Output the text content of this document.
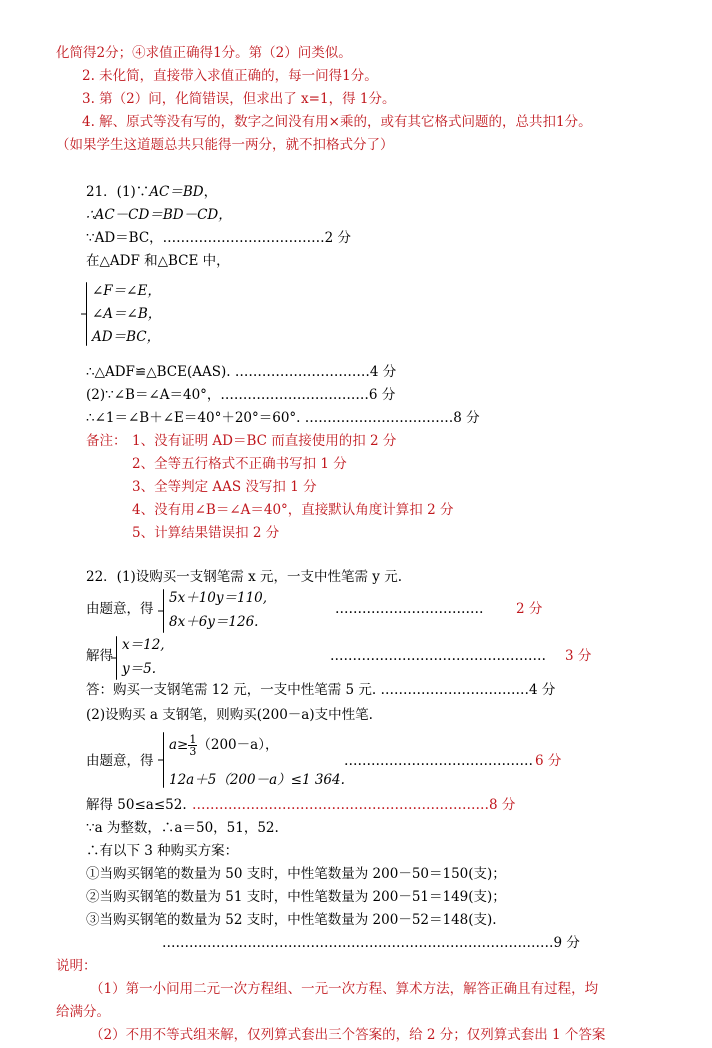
化简得2分；④求值正确得1分。第（2）问类似。
2. 未化简，直接带入求值正确的，每一问得1分。
3. 第（2）问，化简错误，但求出了 x=1，得 1分。
4. 解、原式等没有写的，数字之间没有用×乘的，或有其它格式问题的，总共扣1分。
（如果学生这道题总共只能得一两分，就不扣格式分了）
21．(1)∵AC＝BD，
∴AC－CD＝BD－CD，
∵AD＝BC，………………………………2 分
在△ADF 和△BCE 中，
∠F＝∠E，
∠A＝∠B，
AD＝BC，
∴△ADF≌△BCE(AAS). …………………………4 分
(2)∵∠B＝∠A＝40°，……………………………6 分
∴∠1＝∠B＋∠E＝40°＋20°＝60°. ……………………………8 分
备注： 1、没有证明 AD＝BC 而直接使用的扣 2 分
2、全等五行格式不正确书写扣 1 分
3、全等判定 AAS 没写扣 1 分
4、没有用∠B＝∠A＝40°，直接默认角度计算扣 2 分
5、计算结果错误扣 2 分
22．(1)设购买一支钢笔需 x 元，一支中性笔需 y 元.
由题意，得
5x＋10y＝110,
8x＋6y＝126.
…………………………… 2 分
解得
x＝12,
y＝5.
………………………………………… 3 分
答：购买一支钢笔需 12 元，一支中性笔需 5 元. ……………………………4 分
(2)设购买 a 支钢笔，则购买(200－a)支中性笔.
由题意，得
$a\ge \frac{1}{3} (200-a)$，
12a＋5（200－a）≤1 364.
…………………………………… 6 分
解得 50≤a≤52. …………………………………………………………8 分
∵a 为整数，∴a＝50，51，52.
∴有以下 3 种购买方案：
①当购买钢笔的数量为 50 支时，中性笔数量为 200－50＝150(支)；
②当购买钢笔的数量为 51 支时，中性笔数量为 200－51＝149(支)；
③当购买钢笔的数量为 52 支时，中性笔数量为 200－52＝148(支).
……………………………………………………………………………9 分
说明：
（1）第一小问用二元一次方程组、一元一次方程、算术方法，解答正确且有过程，均
给满分。
（2）不用不等式组来解，仅列算式套出三个答案的，给 2 分；仅列算式套出 1 个答案
